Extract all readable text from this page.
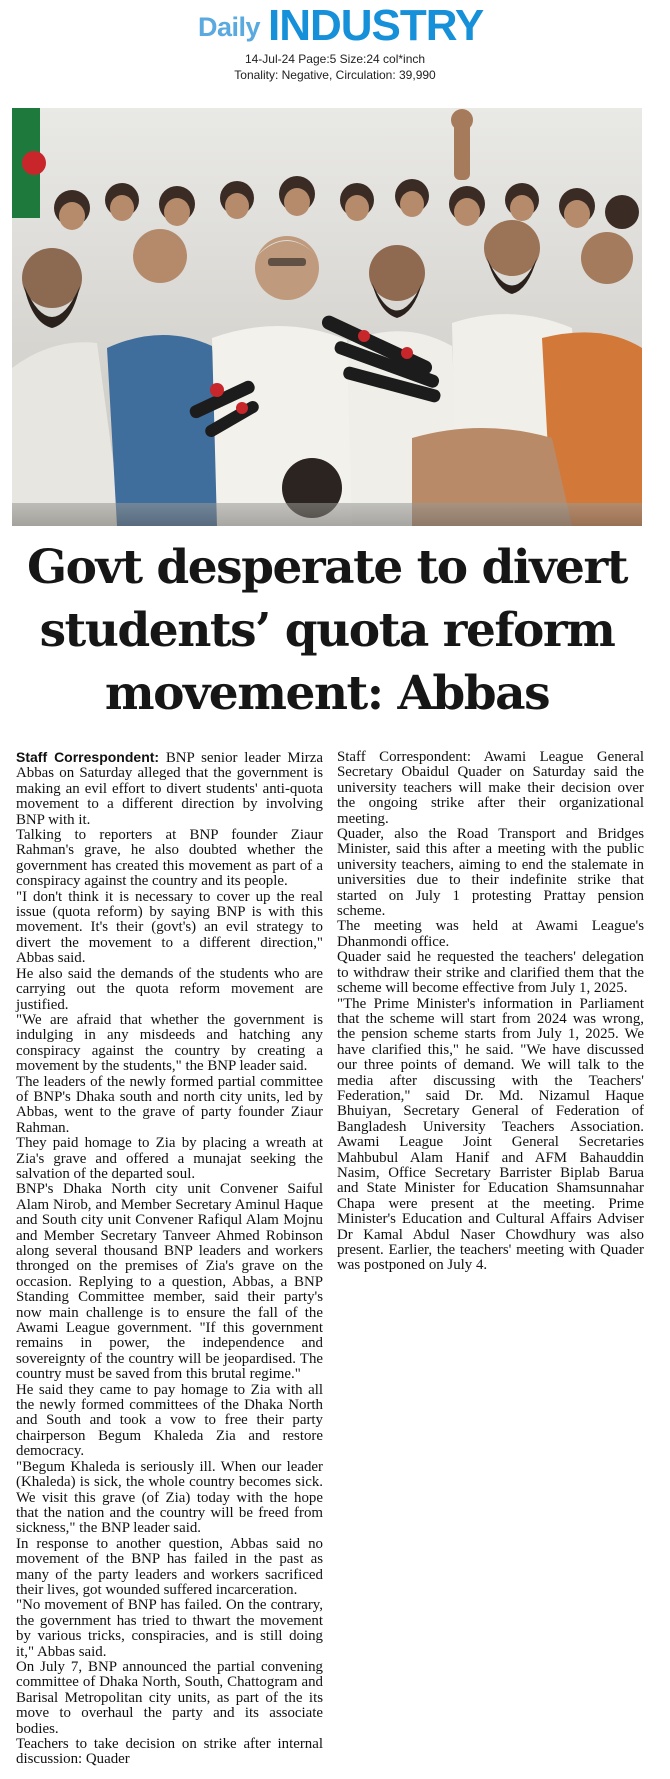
Daily INDUSTRY
14-Jul-24 Page:5 Size:24 col*inch
Tonality: Negative, Circulation: 39,990
Govt desperate to divert students’ quota reform movement: Abbas

Staff Correspondent: BNP senior leader Mirza Abbas on Saturday alleged that the government is making an evil effort to divert students' anti-quota movement to a different direction by involving BNP with it.

Talking to reporters at BNP founder Ziaur Rahman's grave, he also doubted whether the government has created this movement as part of a conspiracy against the country and its people.

"I don't think it is necessary to cover up the real issue (quota reform) by saying BNP is with this movement. It's their (govt's) an evil strategy to divert the movement to a different direction," Abbas said.

He also said the demands of the students who are carrying out the quota reform movement are justified.

"We are afraid that whether the government is indulging in any misdeeds and hatching any conspiracy against the country by creating a movement by the students," the BNP leader said.

The leaders of the newly formed partial committee of BNP's Dhaka south and north city units, led by Abbas, went to the grave of party founder Ziaur Rahman.

They paid homage to Zia by placing a wreath at Zia's grave and offered a munajat seeking the salvation of the departed soul.

BNP's Dhaka North city unit Convener Saiful Alam Nirob, and Member Secretary Aminul Haque and South city unit Convener Rafiqul Alam Mojnu and Member Secretary Tanveer Ahmed Robinson along several thousand BNP leaders and workers thronged on the premises of Zia's grave on the occasion. Replying to a question, Abbas, a BNP Standing Committee member, said their party's now main challenge is to ensure the fall of the Awami League government. "If this government remains in power, the independence and sovereignty of the country will be jeopardised. The country must be saved from this brutal regime."

He said they came to pay homage to Zia with all the newly formed committees of the Dhaka North and South and took a vow to free their party chairperson Begum Khaleda Zia and restore democracy.

"Begum Khaleda is seriously ill. When our leader (Khaleda) is sick, the whole country becomes sick. We visit this grave (of Zia) today with the hope that the nation and the country will be freed from sickness," the BNP leader said.

In response to another question, Abbas said no movement of the BNP has failed in the past as many of the party leaders and workers sacrificed their lives, got wounded suffered incarceration.

"No movement of BNP has failed. On the contrary, the government has tried to thwart the movement by various tricks, conspiracies, and is still doing it," Abbas said.

On July 7, BNP announced the partial convening committee of Dhaka North, South, Chattogram and Barisal Metropolitan city units, as part of the its move to overhaul the party and its associate bodies.

Teachers to take decision on strike after internal discussion: Quader

Staff Correspondent: Awami League General Secretary Obaidul Quader on Saturday said the university teachers will make their decision over the ongoing strike after their organizational meeting.

Quader, also the Road Transport and Bridges Minister, said this after a meeting with the public university teachers, aiming to end the stalemate in universities due to their indefinite strike that started on July 1 protesting Prattay pension scheme.

The meeting was held at Awami League's Dhanmondi office.

Quader said he requested the teachers' delegation to withdraw their strike and clarified them that the scheme will become effective from July 1, 2025.

"The Prime Minister's information in Parliament that the scheme will start from 2024 was wrong, the pension scheme starts from July 1, 2025. We have clarified this," he said. "We have discussed our three points of demand. We will talk to the media after discussing with the Teachers' Federation," said Dr. Md. Nizamul Haque Bhuiyan, Secretary General of Federation of Bangladesh University Teachers Association. Awami League Joint General Secretaries Mahbubul Alam Hanif and AFM Bahauddin Nasim, Office Secretary Barrister Biplab Barua and State Minister for Education Shamsunnahar Chapa were present at the meeting. Prime Minister's Education and Cultural Affairs Adviser Dr Kamal Abdul Naser Chowdhury was also present. Earlier, the teachers' meeting with Quader was postponed on July 4.
